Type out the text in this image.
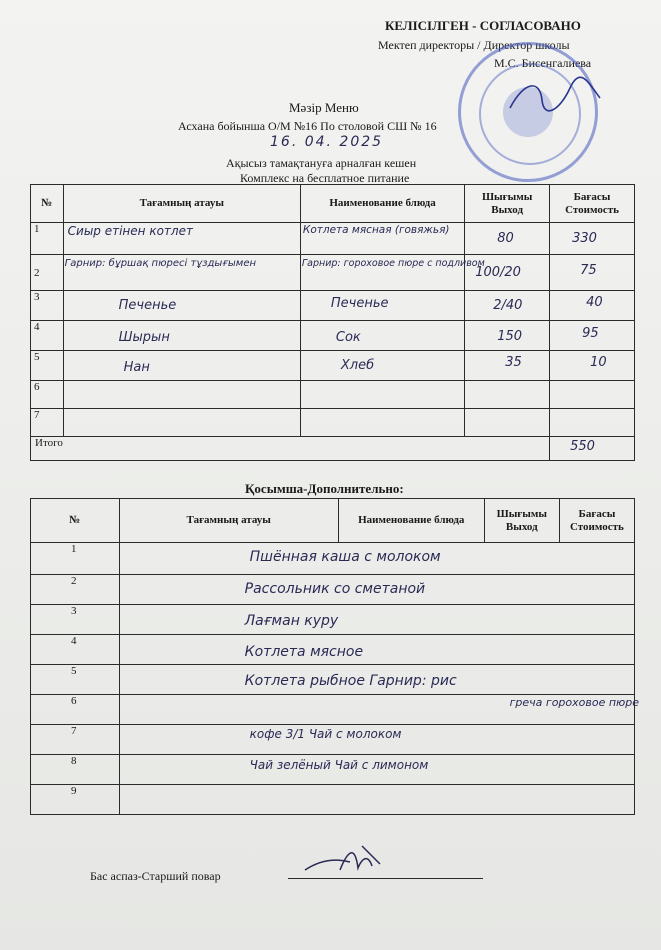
КЕЛІСІЛГЕН - СОГЛАСОВАНО
Мектеп директоры / Директор школы
М.С. Бисенгалиева
Мәзір Меню
Асхана бойынша О/М №16 По столовой СШ № 16
16. 04. 2025
Ақысыз тамақтануға арналған кешен
Комплекс на бесплатное питание
№	Тағамның атауы	Наименование блюда	Шығымы Выход	Бағасы Стоимость
1	Сиыр етінен котлет	Котлета мясная (говяжья)	80	330

2	Гарнир: бұршақ пюресі тұздығымен	Гарнир: гороховое пюре с подливом	100/20	75

3	Печенье	Печенье	2/40	40

4	Шырын	Сок	150	95

5	Нан	Хлеб	35	10

6				
7				
Итого				550
Қосымша-Дополнительно:
№	Тағамның атауы	Наименование блюда	Шығымы Выход	Бағасы Стоимость
1	Пшённая каша с молоком			

2	Рассольник со сметаной			

3	Лағман куру			

4	Котлета мясное			

5	Котлета рыбное Гарнир: рис			

6	греча гороховое пюре			

7	кофе 3/1 Чай с молоком			

8	Чай зелёный Чай с лимоном			

9				
Бас аспаз-Старший повар
